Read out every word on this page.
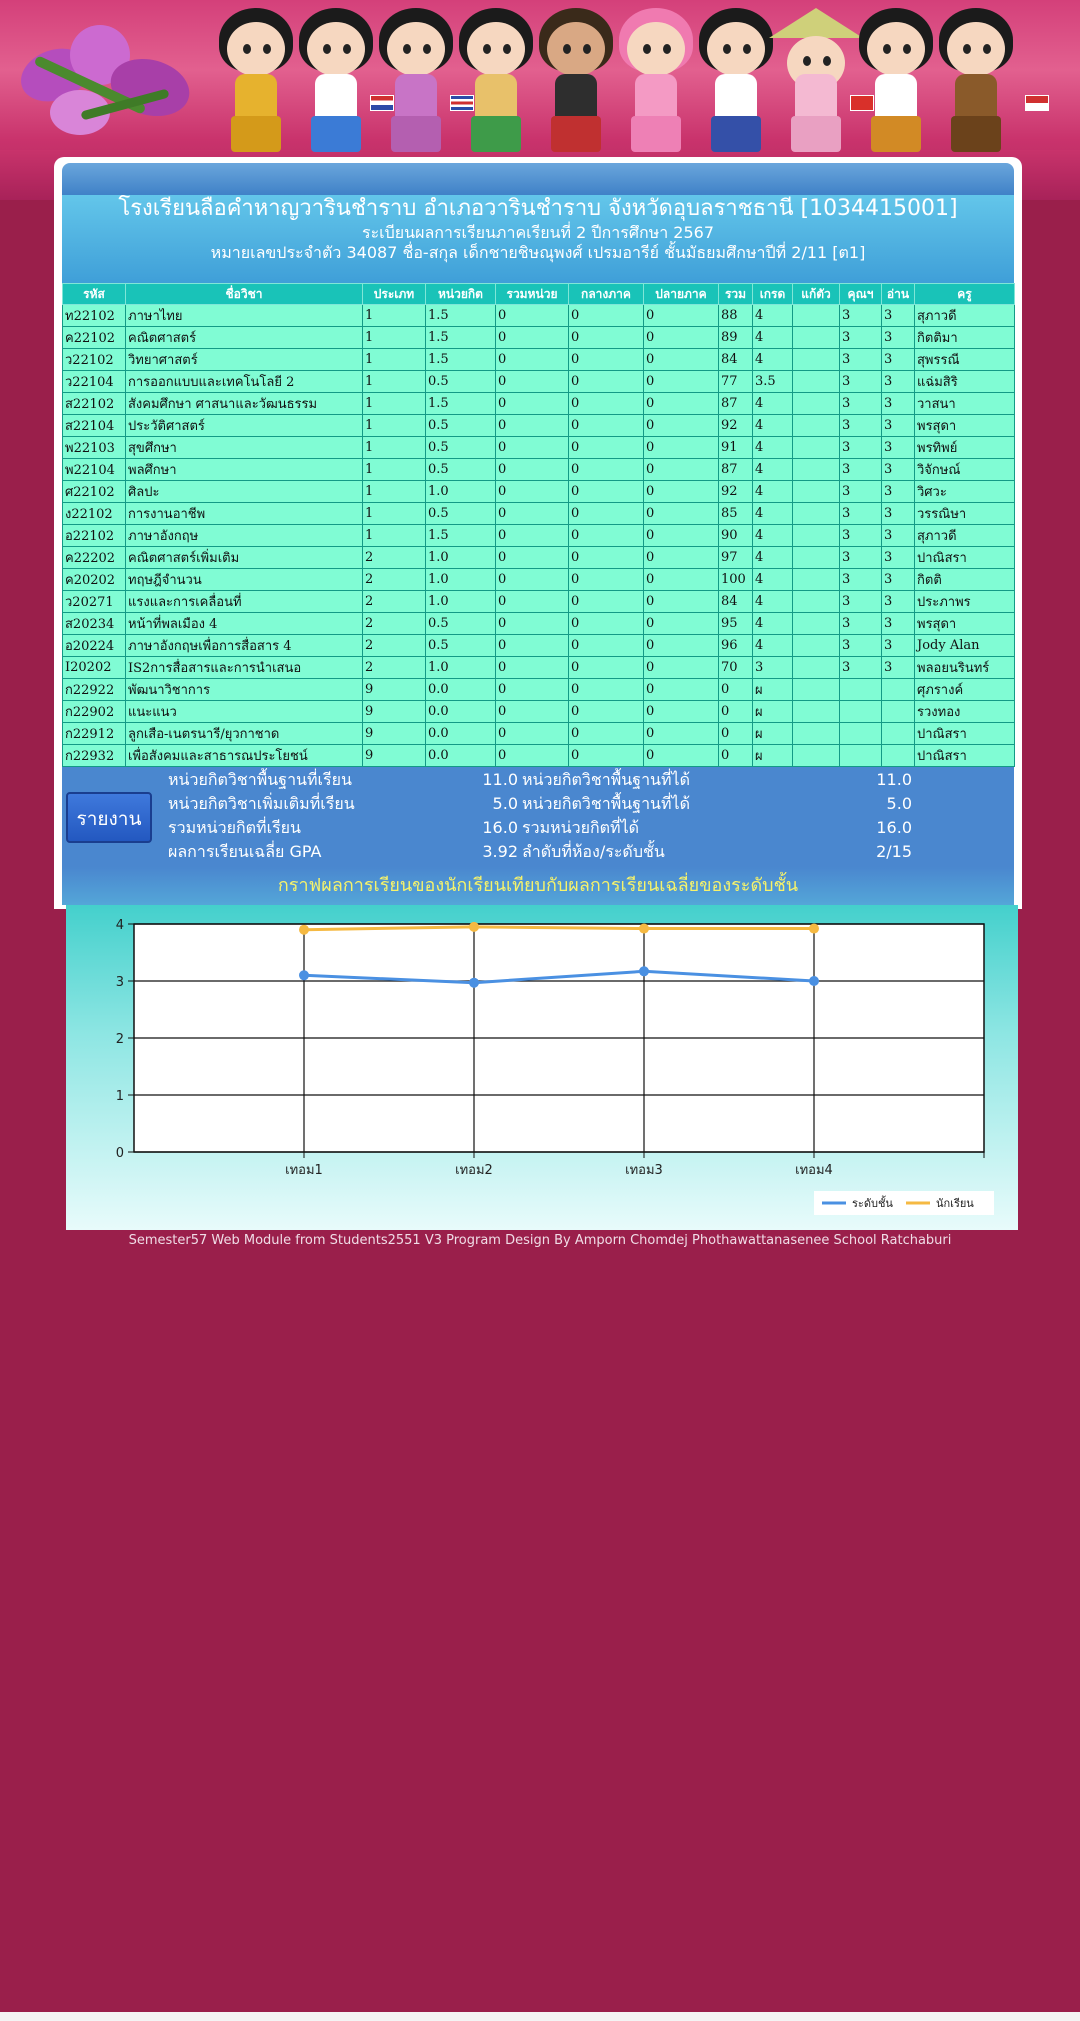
โรงเรียนลือคำหาญวารินชำราบ อำเภอวารินชำราบ จังหวัดอุบลราชธานี [1034415001]
ระเบียนผลการเรียนภาคเรียนที่ 2 ปีการศึกษา 2567
หมายเลขประจำตัว 34087 ชื่อ-สกุล เด็กชายชิษณุพงศ์ เปรมอารีย์ ชั้นมัธยมศึกษาปีที่ 2/11 [ต1]
รหัส	ชื่อวิชา	ประเภท	หน่วยกิต	รวมหน่วย	กลางภาค	ปลายภาค	รวม	เกรด	แก้ตัว	คุณฯ	อ่าน	ครู
ท22102	ภาษาไทย	1	1.5	0	0	0	88	4		3	3	สุภาวดี
ค22102	คณิตศาสตร์	1	1.5	0	0	0	89	4		3	3	กิตติมา
ว22102	วิทยาศาสตร์	1	1.5	0	0	0	84	4		3	3	สุพรรณี
ว22104	การออกแบบและเทคโนโลยี 2	1	0.5	0	0	0	77	3.5		3	3	แฉ่มสิริ
ส22102	สังคมศึกษา ศาสนาและวัฒนธรรม	1	1.5	0	0	0	87	4		3	3	วาสนา
ส22104	ประวัติศาสตร์	1	0.5	0	0	0	92	4		3	3	พรสุดา
พ22103	สุขศึกษา	1	0.5	0	0	0	91	4		3	3	พรทิพย์
พ22104	พลศึกษา	1	0.5	0	0	0	87	4		3	3	วิจักษณ์
ศ22102	ศิลปะ	1	1.0	0	0	0	92	4		3	3	วิศวะ
ง22102	การงานอาชีพ	1	0.5	0	0	0	85	4		3	3	วรรณิษา
อ22102	ภาษาอังกฤษ	1	1.5	0	0	0	90	4		3	3	สุภาวดี
ค22202	คณิตศาสตร์เพิ่มเติม	2	1.0	0	0	0	97	4		3	3	ปาณิสรา
ค20202	ทฤษฎีจำนวน	2	1.0	0	0	0	100	4		3	3	กิตติ
ว20271	แรงและการเคลื่อนที่	2	1.0	0	0	0	84	4		3	3	ประภาพร
ส20234	หน้าที่พลเมือง 4	2	0.5	0	0	0	95	4		3	3	พรสุดา
อ20224	ภาษาอังกฤษเพื่อการสื่อสาร 4	2	0.5	0	0	0	96	4		3	3	Jody Alan
I20202	IS2การสื่อสารและการนำเสนอ	2	1.0	0	0	0	70	3		3	3	พลอยนรินทร์
ก22922	พัฒนาวิชาการ	9	0.0	0	0	0	0	ผ				ศุภรางค์
ก22902	แนะแนว	9	0.0	0	0	0	0	ผ				รวงทอง
ก22912	ลูกเสือ-เนตรนารี/ยุวกาชาด	9	0.0	0	0	0	0	ผ				ปาณิสรา
ก22932	เพื่อสังคมและสาธารณประโยชน์	9	0.0	0	0	0	0	ผ				ปาณิสรา
รายงาน
หน่วยกิตวิชาพื้นฐานที่เรียน	11.0 หน่วยกิตวิชาพื้นฐานที่ได้	11.0
หน่วยกิตวิชาเพิ่มเติมที่เรียน	5.0 หน่วยกิตวิชาพื้นฐานที่ได้	5.0
รวมหน่วยกิตที่เรียน	16.0 รวมหน่วยกิตที่ได้	16.0
ผลการเรียนเฉลี่ย GPA	3.92 ลำดับที่ห้อง/ระดับชั้น	2/15
กราฟผลการเรียนของนักเรียนเทียบกับผลการเรียนเฉลี่ยของระดับชั้น
0
1
2
3
4
เทอม1	เทอม2	เทอม3	เทอม4
ระดับชั้น	นักเรียน
Semester57 Web Module from Students2551 V3 Program Design By Amporn Chomdej Phothawattanasenee School Ratchaburi
